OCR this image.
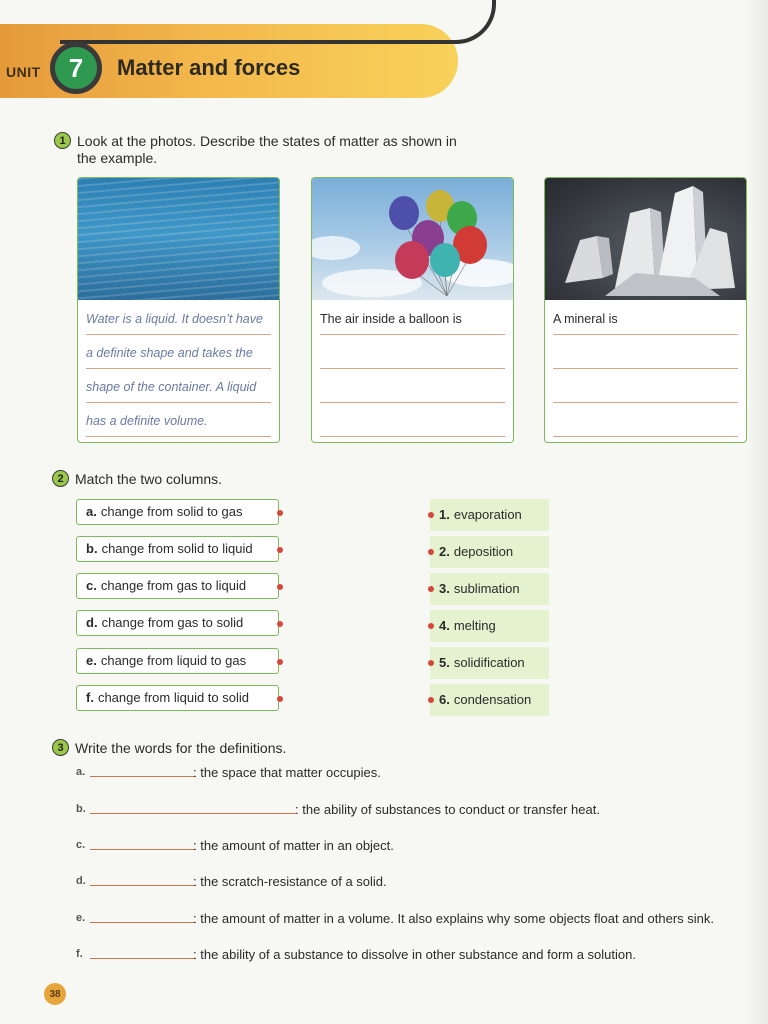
UNIT	7	Matter and forces
1 Look at the photos. Describe the states of matter as shown in
the example.
Water is a liquid. It doesn’t have
a definite shape and takes the
shape of the container. A liquid
has a definite volume.
The air inside a balloon is	A mineral is
2 Match the two columns.
a. change from solid to gas
b. change from solid to liquid
c. change from gas to liquid
d. change from gas to solid
e. change from liquid to gas
f. change from liquid to solid
1. evaporation
2. deposition
3. sublimation
4. melting
5. solidification
6. condensation
3 Write the words for the definitions.
a.	: the space that matter occupies.
b.	: the ability of substances to conduct or transfer heat.
c.	: the amount of matter in an object.
d.	: the scratch-resistance of a solid.
e.	: the amount of matter in a volume. It also explains why some objects float and others sink.
f.	: the ability of a substance to dissolve in other substance and form a solution.
38
